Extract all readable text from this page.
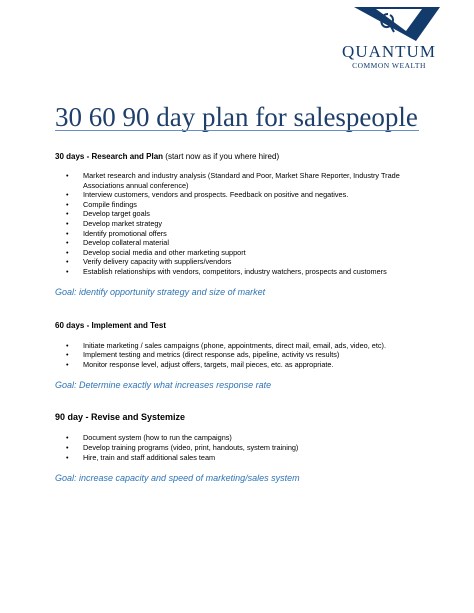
QUANTUM
COMMON WEALTH
30 60 90 day plan for salespeople
30 days - Research and Plan (start now as if you where hired)
• Market research and industry analysis (Standard and Poor, Market Share Reporter, Industry Trade Associations annual conference)
• Interview customers, vendors and prospects. Feedback on positive and negatives.
• Compile findings
• Develop target goals
• Develop market strategy
• Identify promotional offers
• Develop collateral material
• Develop social media and other marketing support
• Verify delivery capacity with suppliers/vendors
• Establish relationships with vendors, competitors, industry watchers, prospects and customers
Goal: identify opportunity strategy and size of market
60 days - Implement and Test
• Initiate marketing / sales campaigns (phone, appointments, direct mail, email, ads, video, etc).
• Implement testing and metrics (direct response ads, pipeline, activity vs results)
• Monitor response level, adjust offers, targets, mail pieces, etc. as appropriate.
Goal: Determine exactly what increases response rate
90 day - Revise and Systemize
• Document system (how to run the campaigns)
• Develop training programs (video, print, handouts, system training)
• Hire, train and staff additional sales team
Goal: increase capacity and speed of marketing/sales system
